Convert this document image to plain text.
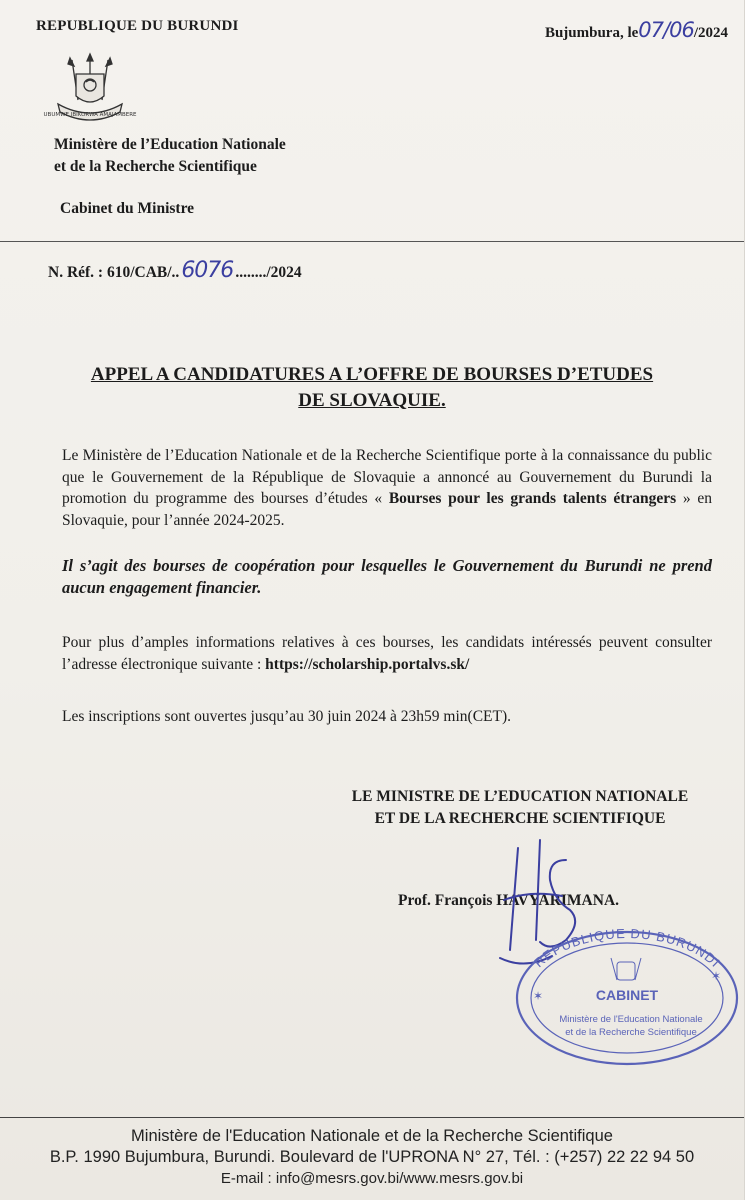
REPUBLIQUE DU BURUNDI	Bujumbura, le 07/06 /2024
UBUMWE IBIKORWA AMAJAMBERE
Ministère de l’Education Nationale
et de la Recherche Scientifique
Cabinet du Ministre
N. Réf. : 610/CAB/.. 6076 ......../2024
APPEL A CANDIDATURES A L’OFFRE DE BOURSES D’ETUDES
DE SLOVAQUIE.
Le Ministère de l’Education Nationale et de la Recherche Scientifique porte à la connaissance du public que le Gouvernement de la République de Slovaquie a annoncé au Gouvernement du Burundi la promotion du programme des bourses d’études « Bourses pour les grands talents étrangers » en Slovaquie, pour l’année 2024-2025.
Il s’agit des bourses de coopération pour lesquelles le Gouvernement du Burundi ne prend aucun engagement financier.
Pour plus d’amples informations relatives à ces bourses, les candidats intéressés peuvent consulter l’adresse électronique suivante : https://scholarship.portalvs.sk/
Les inscriptions sont ouvertes jusqu’au 30 juin 2024 à 23h59 min(CET).
LE MINISTRE DE L’EDUCATION NATIONALE
ET DE LA RECHERCHE SCIENTIFIQUE
Prof. François HAVYARIMANA.
REPUBLIQUE DU BURUNDI
✶
✶
CABINET
Ministère de l'Education Nationale
et de la Recherche Scientifique
Ministère de l'Education Nationale et de la Recherche Scientifique
B.P. 1990 Bujumbura, Burundi. Boulevard de l'UPRONA N° 27, Tél. : (+257) 22 22 94 50
E-mail : info@mesrs.gov.bi/www.mesrs.gov.bi
